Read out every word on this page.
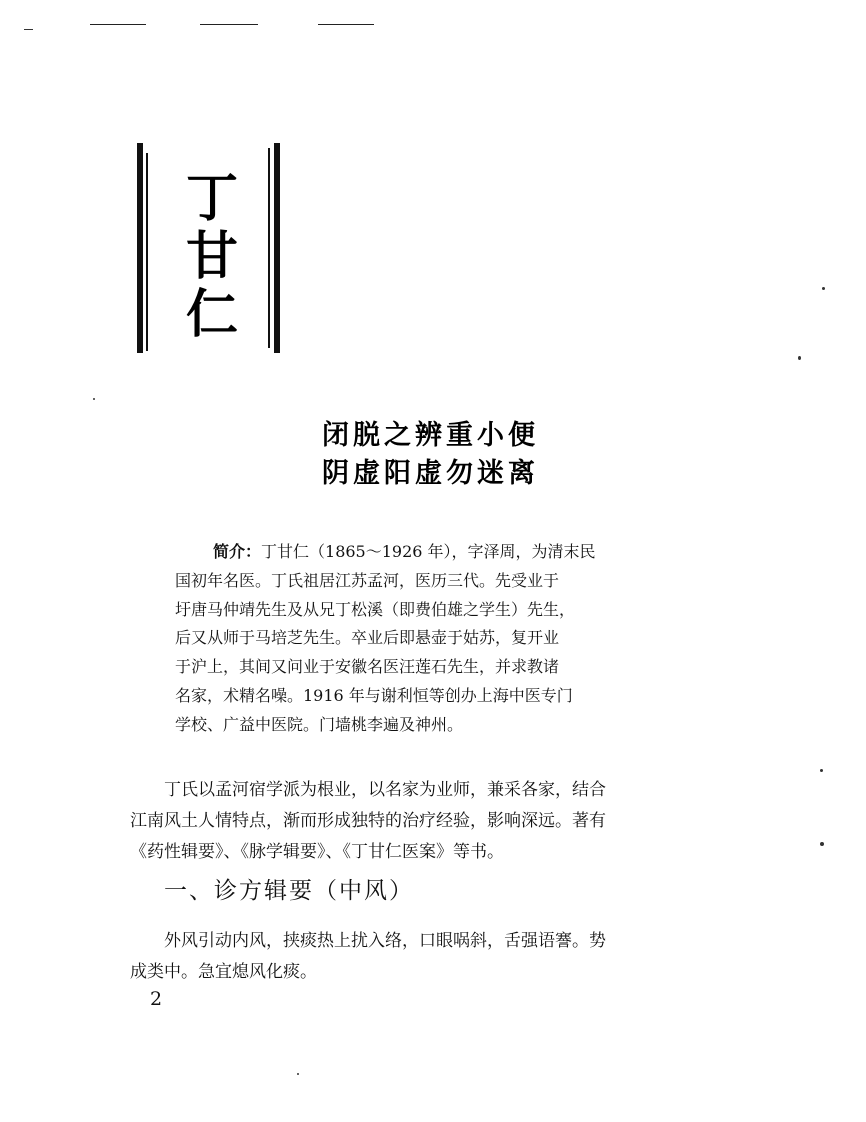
丁
甘
仁
闭脱之辨重小便
阴虚阳虚勿迷离
简介：丁甘仁（1865～1926 年），字泽周，为清末民
国初年名医。丁氏祖居江苏孟河，医历三代。先受业于
圩唐马仲靖先生及从兄丁松溪（即费伯雄之学生）先生，
后又从师于马培芝先生。卒业后即悬壶于姑苏，复开业
于沪上，其间又问业于安徽名医汪莲石先生，并求教诸
名家，术精名噪。1916 年与谢利恒等创办上海中医专门
学校、广益中医院。门墙桃李遍及神州。
丁氏以孟河宿学派为根业，以名家为业师，兼采各家，结合
江南风土人情特点，渐而形成独特的治疗经验，影响深远。著有
《药性辑要》、《脉学辑要》、《丁甘仁医案》等书。
一、诊方辑要（中风）
外风引动内风，挟痰热上扰入络，口眼㖞斜，舌强语謇。势
成类中。急宜熄风化痰。
2
